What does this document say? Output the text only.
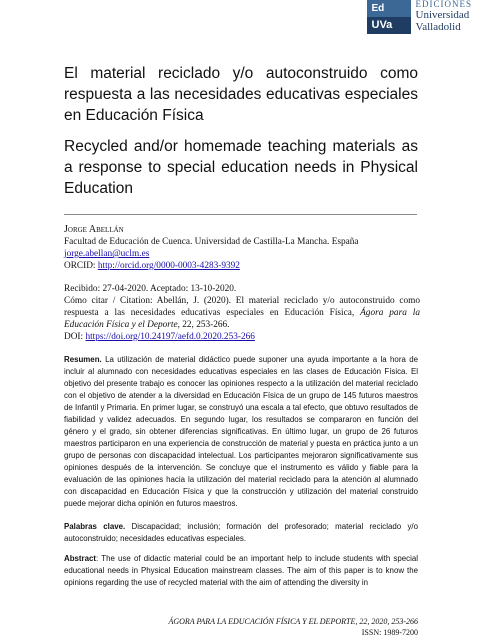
Ed
UVa
EDICIONES
Universidad
Valladolid
El material reciclado y/o autoconstruido como respuesta a las necesidades educativas especiales en Educación Física
Recycled and/or homemade teaching materials as a response to special education needs in Physical Education
Jorge Abellán
Facultad de Educación de Cuenca. Universidad de Castilla-La Mancha. España
jorge.abellan@uclm.es
ORCID: http://orcid.org/0000-0003-4283-9392
Recibido: 27-04-2020. Aceptado: 13-10-2020.
Cómo citar / Citation: Abellán, J. (2020). El material reciclado y/o autoconstruido como respuesta a las necesidades educativas especiales en Educación Física, Ágora para la Educación Física y el Deporte, 22, 253-266.
DOI: https://doi.org/10.24197/aefd.0.2020.253-266
Resumen. La utilización de material didáctico puede suponer una ayuda importante a la hora de incluir al alumnado con necesidades educativas especiales en las clases de Educación Física. El objetivo del presente trabajo es conocer las opiniones respecto a la utilización del material reciclado con el objetivo de atender a la diversidad en Educación Física de un grupo de 145 futuros maestros de Infantil y Primaria. En primer lugar, se construyó una escala a tal efecto, que obtuvo resultados de fiabilidad y validez adecuados. En segundo lugar, los resultados se compararon en función del género y el grado, sin obtener diferencias significativas. En último lugar, un grupo de 26 futuros maestros participaron en una experiencia de construcción de material y puesta en práctica junto a un grupo de personas con discapacidad intelectual. Los participantes mejoraron significativamente sus opiniones después de la intervención. Se concluye que el instrumento es válido y fiable para la evaluación de las opiniones hacia la utilización del material reciclado para la atención al alumnado con discapacidad en Educación Física y que la construcción y utilización del material construido puede mejorar dicha opinión en futuros maestros.
Palabras clave. Discapacidad; inclusión; formación del profesorado; material reciclado y/o autoconstruido; necesidades educativas especiales.
Abstract: The use of didactic material could be an important help to include students with special educational needs in Physical Education mainstream classes. The aim of this paper is to know the opinions regarding the use of recycled material with the aim of attending the diversity in
ÁGORA PARA LA EDUCACIÓN FÍSICA Y EL DEPORTE, 22, 2020, 253-266
ISSN: 1989-7200
